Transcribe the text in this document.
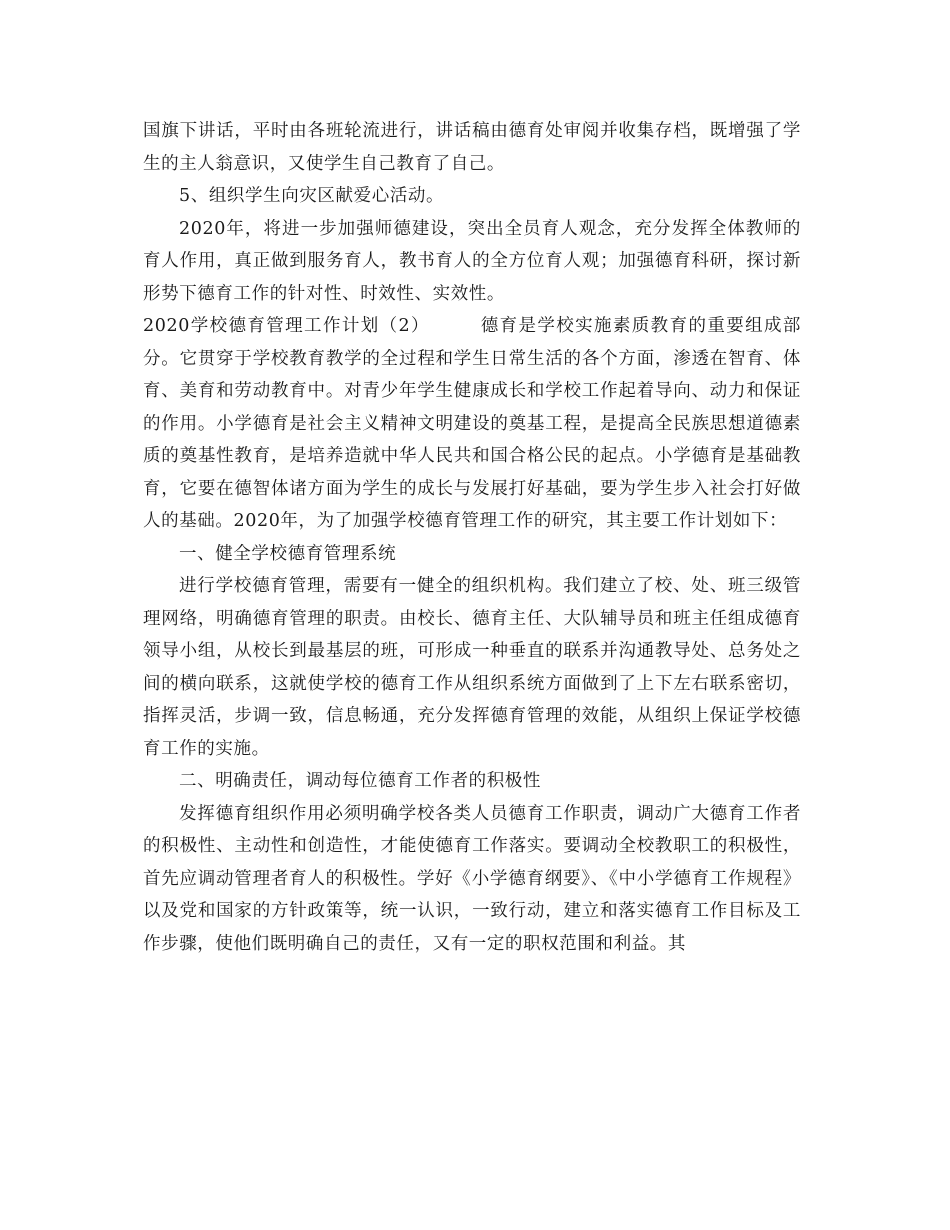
国旗下讲话，平时由各班轮流进行，讲话稿由德育处审阅并收集存档，既增强了学生的主人翁意识，又使学生自己教育了自己。

5、组织学生向灾区献爱心活动。

2020年，将进一步加强师德建设，突出全员育人观念，充分发挥全体教师的育人作用，真正做到服务育人，教书育人的全方位育人观；加强德育科研，探讨新形势下德育工作的针对性、时效性、实效性。

2020学校德育管理工作计划（2）	德育是学校实施素质教育的重要组成部分。它贯穿于学校教育教学的全过程和学生日常生活的各个方面，渗透在智育、体育、美育和劳动教育中。对青少年学生健康成长和学校工作起着导向、动力和保证的作用。小学德育是社会主义精神文明建设的奠基工程，是提高全民族思想道德素质的奠基性教育，是培养造就中华人民共和国合格公民的起点。小学德育是基础教育，它要在德智体诸方面为学生的成长与发展打好基础，要为学生步入社会打好做人的基础。2020年，为了加强学校德育管理工作的研究，其主要工作计划如下：

一、健全学校德育管理系统

进行学校德育管理，需要有一健全的组织机构。我们建立了校、处、班三级管理网络，明确德育管理的职责。由校长、德育主任、大队辅导员和班主任组成德育领导小组，从校长到最基层的班，可形成一种垂直的联系并沟通教导处、总务处之间的横向联系，这就使学校的德育工作从组织系统方面做到了上下左右联系密切，指挥灵活，步调一致，信息畅通，充分发挥德育管理的效能，从组织上保证学校德育工作的实施。

二、明确责任，调动每位德育工作者的积极性

发挥德育组织作用必须明确学校各类人员德育工作职责，调动广大德育工作者的积极性、主动性和创造性，才能使德育工作落实。要调动全校教职工的积极性，首先应调动管理者育人的积极性。学好《小学德育纲要》、《中小学德育工作规程》以及党和国家的方针政策等，统一认识，一致行动，建立和落实德育工作目标及工作步骤，使他们既明确自己的责任，又有一定的职权范围和利益。其
